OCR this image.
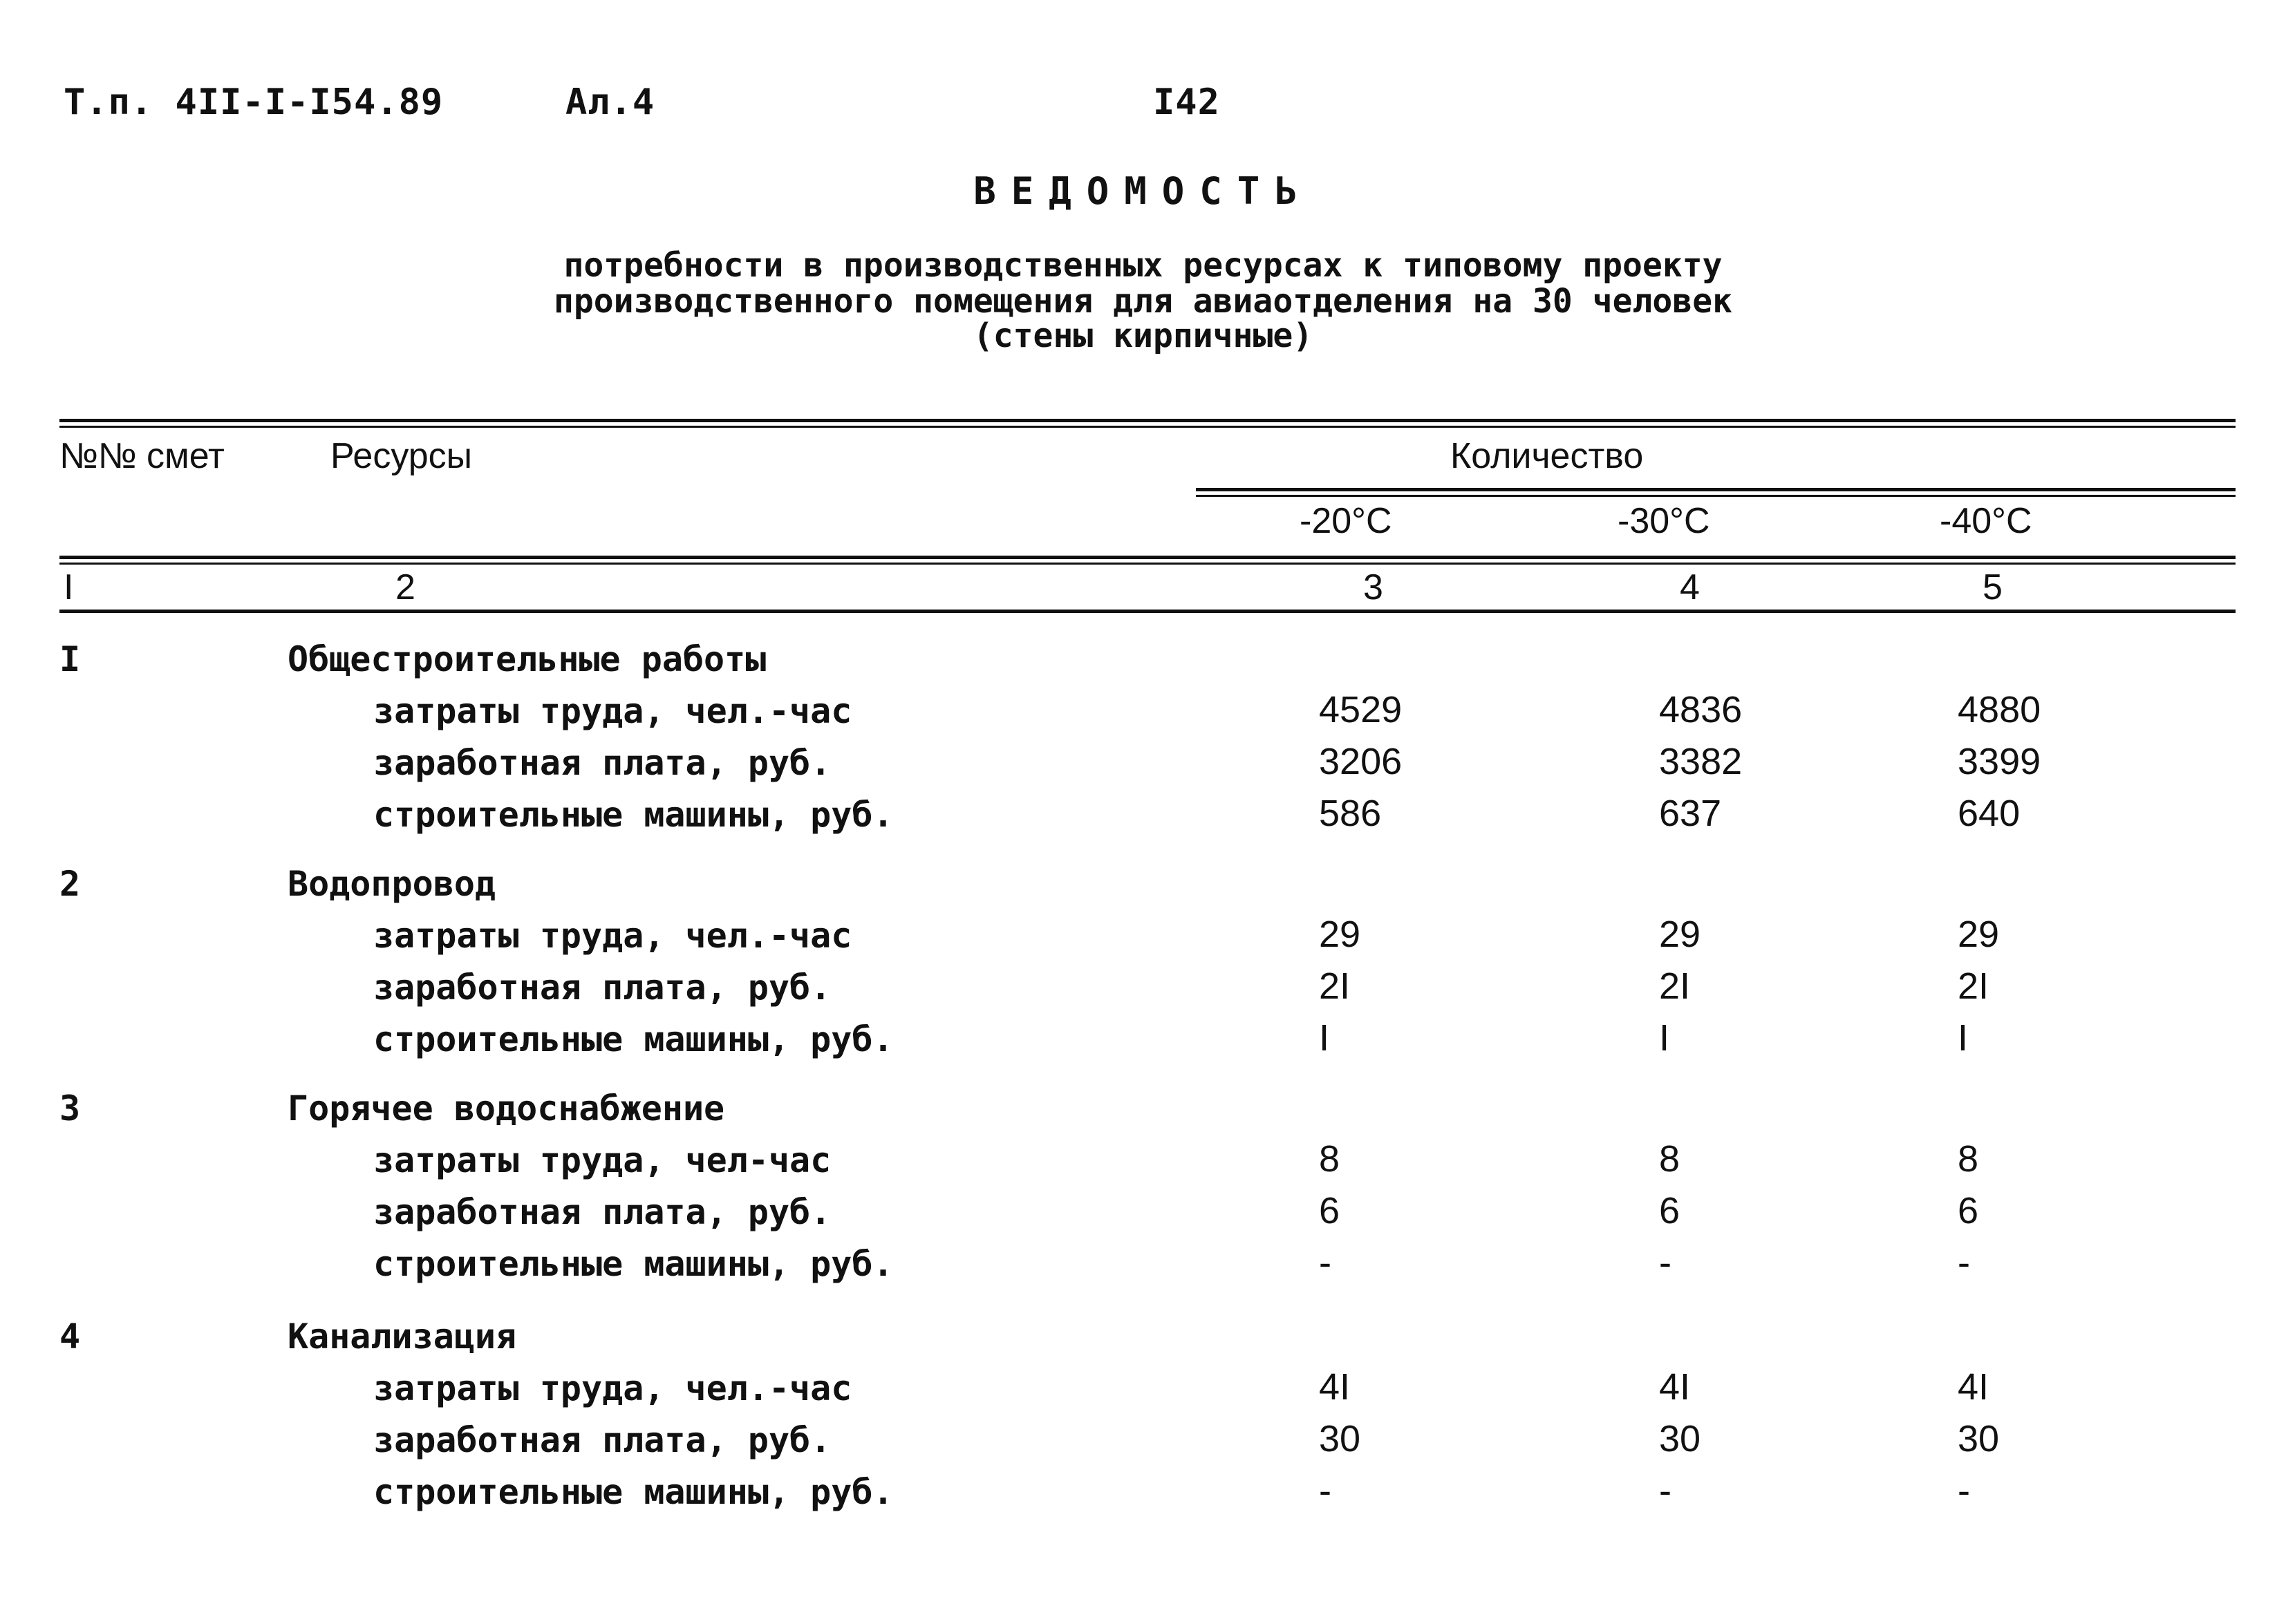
Т.п. 4II-I-I54.89	Ал.4	I42
ВЕДОМОСТЬ
потребности в производственных ресурсах к типовому проекту
производственного помещения для авиаотделения на 30 человек
(стены кирпичные)
№№ смет	Ресурсы	Количество
-20°C	-30°C	-40°C
I	2	3	4	5
I	Общестроительные работы
затраты труда, чел.-час	4529	4836	4880
заработная плата, руб.	3206	3382	3399
строительные машины, руб.	586	637	640
2	Водопровод
затраты труда, чел.-час	29	29	29
заработная плата, руб.	2I	2I	2I
строительные машины, руб.	I	I	I
3	Горячее водоснабжение
затраты труда, чел-час	8	8	8
заработная плата, руб.	6	6	6
строительные машины, руб.	-	-	-
4	Канализация
затраты труда, чел.-час	4I	4I	4I
заработная плата, руб.	30	30	30
строительные машины, руб.	-	-	-
